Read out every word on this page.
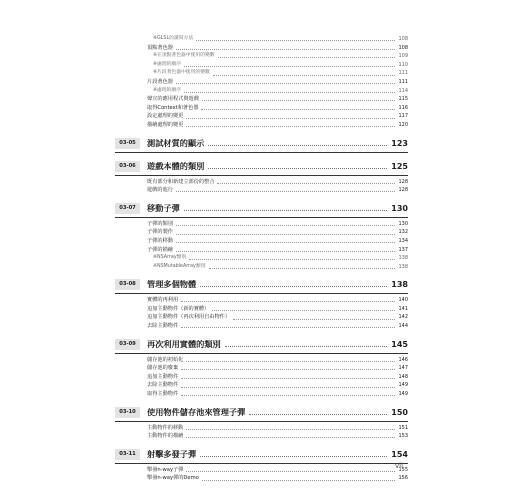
※GLSL的讀寫方法	108
頂點著色器	108
※在頂點著色器中使用的變數	109
※處理的順序	110
※片段著色器中使用的變數	111
片段著色器	111
※處理的順序	114
聲宣的應用程式與遊戲	115
取得Context和著色器	116
設定處理的變更	117
描繪處理的變更	120
03-05	測試材質的顯示	123
03-06	遊戲本體的類別	125
既有部分和新建立部份的整合	128
遊戲的進行	128
03-07	移動子彈	130
子彈的類別	130
子彈的製作	132
子彈的移動	134
子彈的描繪	137
※NSArray類別	138
※NSMutableArray類別	138
03-08	管理多個物體	138
實體的再利用	140
追加主動物件（新的實體）	141
追加主動物件（再次利用自由物件）	142
去除主動物件	144
03-09	再次利用實體的類別	145
儲存池的初始化	146
儲存池的廢棄	147
追加主動物件	148
去除主動物件	149
取得主動物件	149
03-10	使用物件儲存池來管理子彈	150
主動物件的移動	151
主動物件的描繪	153
03-11	射擊多發子彈	154
擊發n-way子彈	155
擊發n-way彈的Demo	156
vii
